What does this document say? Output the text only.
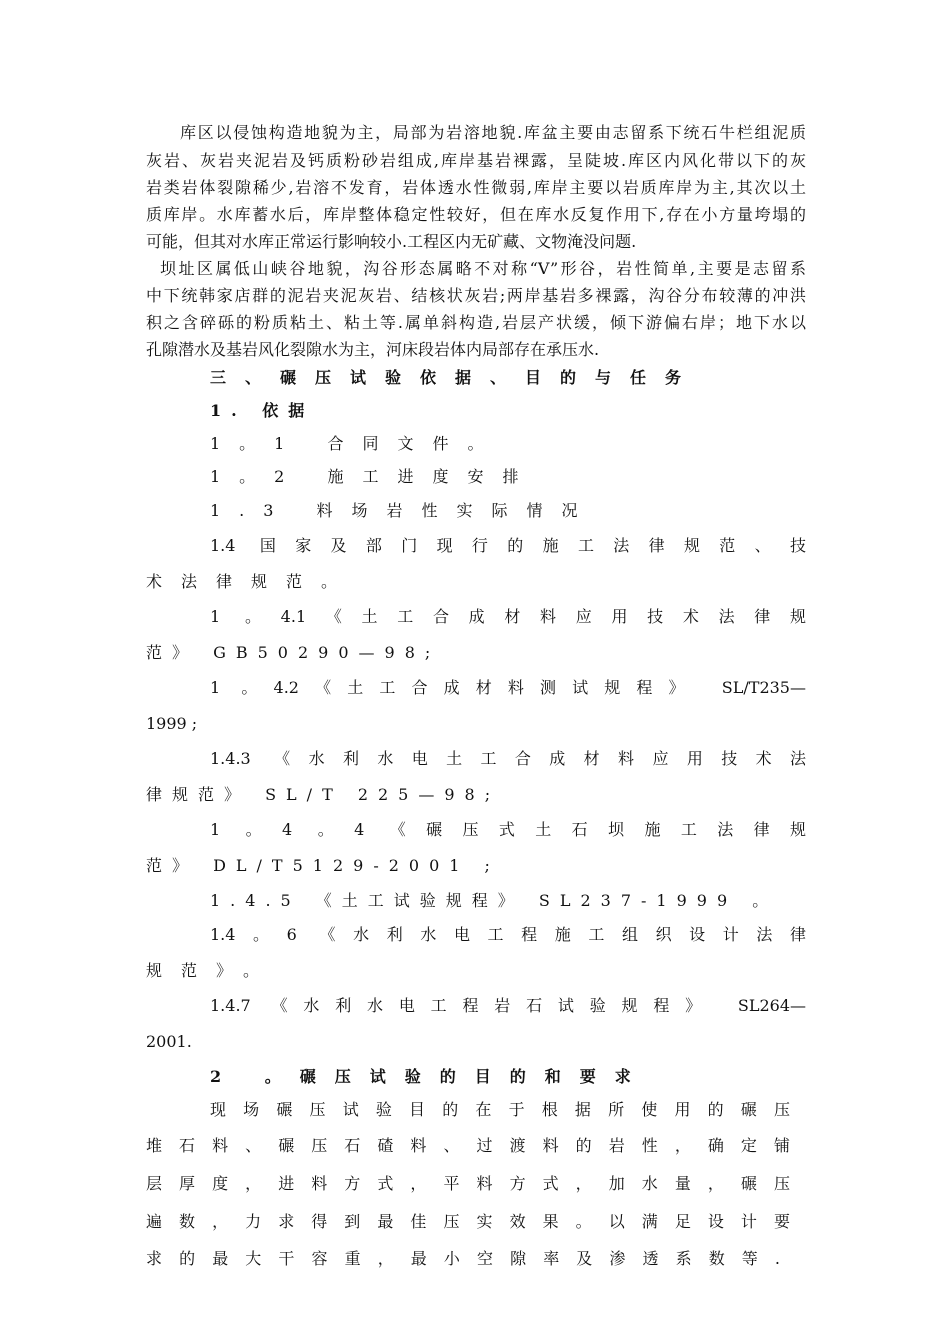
库区以侵蚀构造地貌为主，局部为岩溶地貌.库盆主要由志留系下统石牛栏组泥质
灰岩、灰岩夹泥岩及钙质粉砂岩组成,库岸基岩裸露，呈陡坡.库区内风化带以下的灰
岩类岩体裂隙稀少,岩溶不发育，岩体透水性微弱,库岸主要以岩质库岸为主,其次以土
质库岸。水库蓄水后，库岸整体稳定性较好，但在库水反复作用下,存在小方量垮塌的
可能，但其对水库正常运行影响较小.工程区内无矿藏、文物淹没问题.
坝址区属低山峡谷地貌，沟谷形态属略不对称“V”形谷，岩性简单,主要是志留系
中下统韩家店群的泥岩夹泥灰岩、结核状灰岩;两岸基岩多裸露，沟谷分布较薄的冲洪
积之含碎砾的粉质粘土、粘土等.属单斜构造,岩层产状缓，倾下游偏右岸；地下水以
孔隙潜水及基岩风化裂隙水为主，河床段岩体内局部存在承压水.
三、碾压试验依据、目的与任务
1. 依据
1。1 合同文件。
1。2 施工进度安排
1.3 料场岩性实际情况
1.4 国家及部门现行的施工法律规范、技
术法律规范。
1 。4.1《土工合成材料应用技术法律规
范》 GB50290—98;
1 。4.2《土工合成材料测试规程》 SL/T235—
1999 ;
1.4.3 《水利水电土工合成材料应用技术法
律规范》 SL/T 225—98;
1 。4 。4 《碾压式土石坝施工法律规
范》 DL/T5129-2001 ;
1.4.5 《土工试验规程》 SL237-1999 。
1.4。6 《水利水电工程施工组织设计法律
规范》。
1.4.7 《水利水电工程岩石试验规程》 SL264—
2001.
2 。碾压试验的目的和要求
现场碾压试验目的在于根据所使用的碾压
堆石料、碾压石碴料、过渡料的岩性，确定铺
层厚度，进料方式，平料方式，加水量，碾压
遍数，力求得到最佳压实效果。以满足设计要
求的最大干容重，最小空隙率及渗透系数等.
